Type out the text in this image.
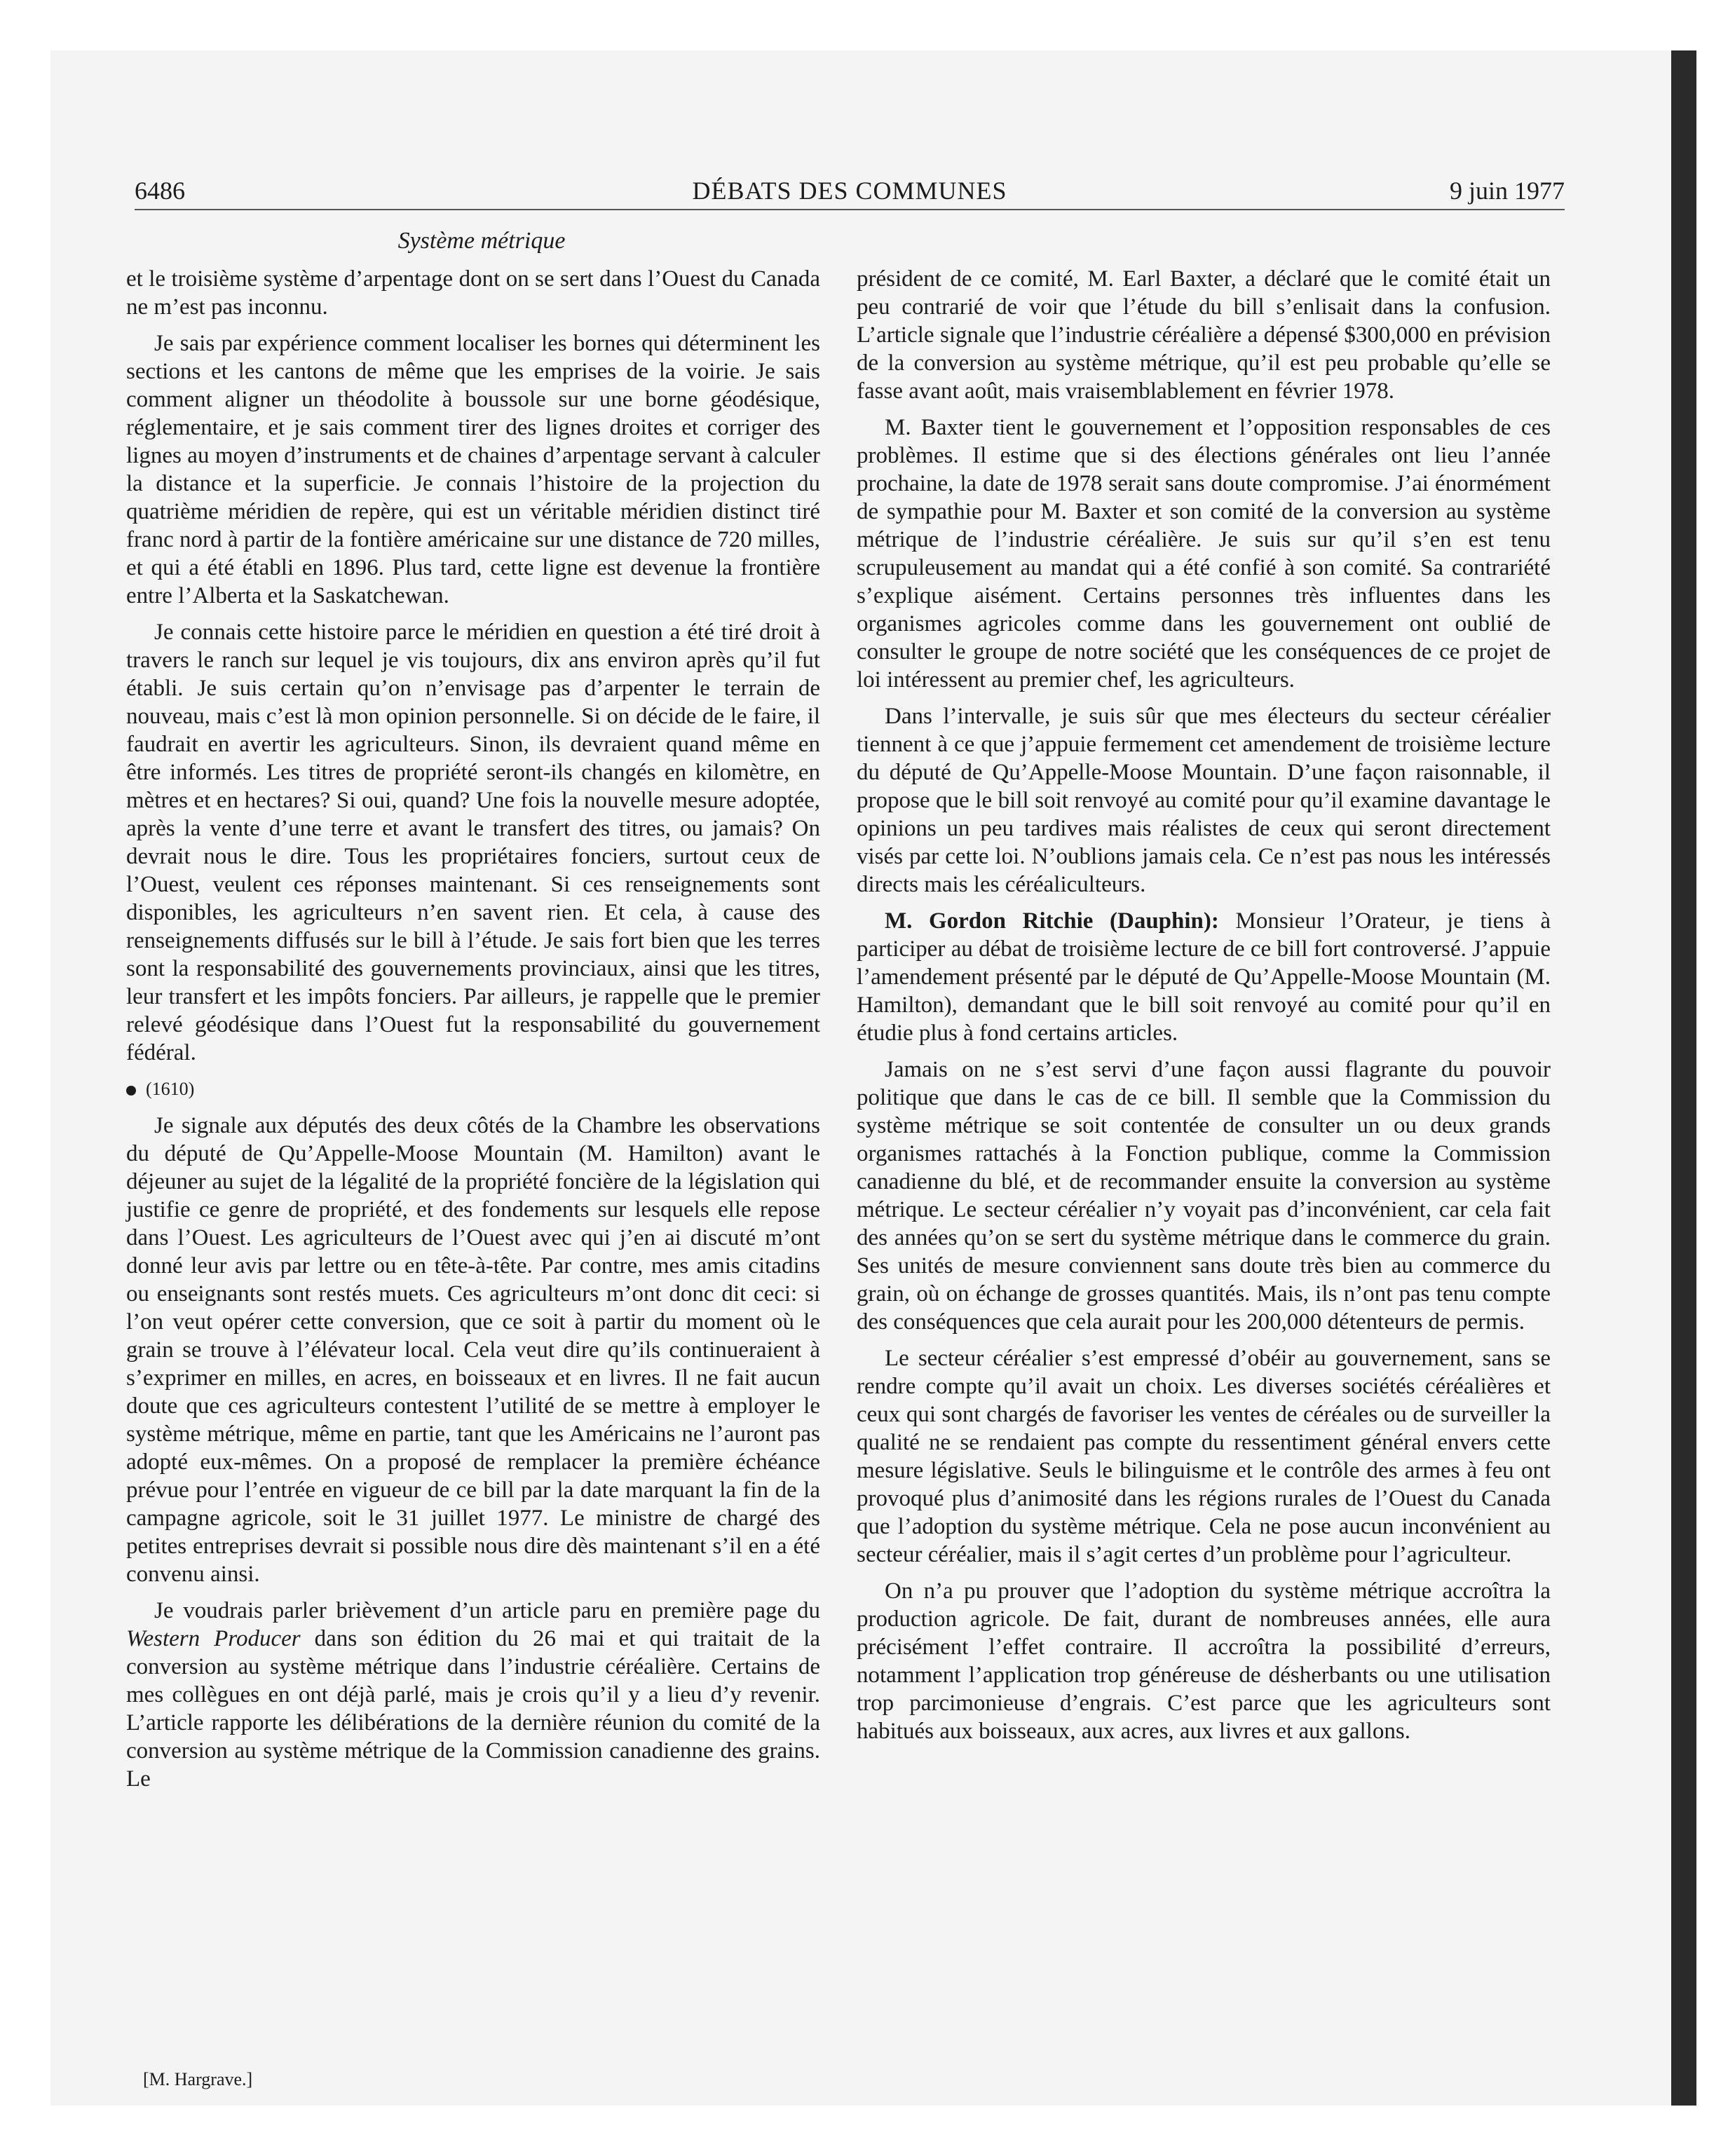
6486	DÉBATS DES COMMUNES	9 juin 1977
Système métrique

et le troisième système d’arpentage dont on se sert dans l’Ouest du Canada ne m’est pas inconnu.

Je sais par expérience comment localiser les bornes qui déterminent les sections et les cantons de même que les emprises de la voirie. Je sais comment aligner un théodolite à boussole sur une borne géodésique, réglementaire, et je sais comment tirer des lignes droites et corriger des lignes au moyen d’instruments et de chaines d’arpentage servant à calculer la distance et la superficie. Je connais l’histoire de la projection du quatrième méridien de repère, qui est un véritable méridien distinct tiré franc nord à partir de la fontière américaine sur une distance de 720 milles, et qui a été établi en 1896. Plus tard, cette ligne est devenue la frontière entre l’Alberta et la Saskatchewan.

Je connais cette histoire parce le méridien en question a été tiré droit à travers le ranch sur lequel je vis toujours, dix ans environ après qu’il fut établi. Je suis certain qu’on n’envisage pas d’arpenter le terrain de nouveau, mais c’est là mon opinion personnelle. Si on décide de le faire, il faudrait en avertir les agriculteurs. Sinon, ils devraient quand même en être informés. Les titres de propriété seront-ils changés en kilomètre, en mètres et en hectares? Si oui, quand? Une fois la nouvelle mesure adoptée, après la vente d’une terre et avant le transfert des titres, ou jamais? On devrait nous le dire. Tous les propriétaires fonciers, surtout ceux de l’Ouest, veulent ces réponses maintenant. Si ces renseignements sont disponibles, les agriculteurs n’en savent rien. Et cela, à cause des renseignements diffusés sur le bill à l’étude. Je sais fort bien que les terres sont la responsabilité des gouvernements provinciaux, ainsi que les titres, leur transfert et les impôts fonciers. Par ailleurs, je rappelle que le premier relevé géodésique dans l’Ouest fut la responsabilité du gouvernement fédéral.

(1610)

Je signale aux députés des deux côtés de la Chambre les observations du député de Qu’Appelle-Moose Mountain (M. Hamilton) avant le déjeuner au sujet de la légalité de la propriété foncière de la législation qui justifie ce genre de propriété, et des fondements sur lesquels elle repose dans l’Ouest. Les agriculteurs de l’Ouest avec qui j’en ai discuté m’ont donné leur avis par lettre ou en tête-à-tête. Par contre, mes amis citadins ou enseignants sont restés muets. Ces agriculteurs m’ont donc dit ceci: si l’on veut opérer cette conversion, que ce soit à partir du moment où le grain se trouve à l’élévateur local. Cela veut dire qu’ils continueraient à s’exprimer en milles, en acres, en boisseaux et en livres. Il ne fait aucun doute que ces agriculteurs contestent l’utilité de se mettre à employer le système métrique, même en partie, tant que les Américains ne l’auront pas adopté eux-mêmes. On a proposé de remplacer la première échéance prévue pour l’entrée en vigueur de ce bill par la date marquant la fin de la campagne agricole, soit le 31 juillet 1977. Le ministre de chargé des petites entreprises devrait si possible nous dire dès maintenant s’il en a été convenu ainsi.

Je voudrais parler brièvement d’un article paru en première page du Western Producer dans son édition du 26 mai et qui traitait de la conversion au système métrique dans l’industrie céréalière. Certains de mes collègues en ont déjà parlé, mais je crois qu’il y a lieu d’y revenir. L’article rapporte les délibérations de la dernière réunion du comité de la conversion au système métrique de la Commission canadienne des grains. Le

président de ce comité, M. Earl Baxter, a déclaré que le comité était un peu contrarié de voir que l’étude du bill s’enlisait dans la confusion. L’article signale que l’industrie céréalière a dépensé $300,000 en prévision de la conversion au système métrique, qu’il est peu probable qu’elle se fasse avant août, mais vraisemblablement en février 1978.

M. Baxter tient le gouvernement et l’opposition responsables de ces problèmes. Il estime que si des élections générales ont lieu l’année prochaine, la date de 1978 serait sans doute compromise. J’ai énormément de sympathie pour M. Baxter et son comité de la conversion au système métrique de l’industrie céréalière. Je suis sur qu’il s’en est tenu scrupuleusement au mandat qui a été confié à son comité. Sa contrariété s’explique aisément. Certains personnes très influentes dans les organismes agricoles comme dans les gouvernement ont oublié de consulter le groupe de notre société que les conséquences de ce projet de loi intéressent au premier chef, les agriculteurs.

Dans l’intervalle, je suis sûr que mes électeurs du secteur céréalier tiennent à ce que j’appuie fermement cet amendement de troisième lecture du député de Qu’Appelle-Moose Mountain. D’une façon raisonnable, il propose que le bill soit renvoyé au comité pour qu’il examine davantage le opinions un peu tardives mais réalistes de ceux qui seront directement visés par cette loi. N’oublions jamais cela. Ce n’est pas nous les intéressés directs mais les céréaliculteurs.

M. Gordon Ritchie (Dauphin): Monsieur l’Orateur, je tiens à participer au débat de troisième lecture de ce bill fort controversé. J’appuie l’amendement présenté par le député de Qu’Appelle-Moose Mountain (M. Hamilton), demandant que le bill soit renvoyé au comité pour qu’il en étudie plus à fond certains articles.

Jamais on ne s’est servi d’une façon aussi flagrante du pouvoir politique que dans le cas de ce bill. Il semble que la Commission du système métrique se soit contentée de consulter un ou deux grands organismes rattachés à la Fonction publique, comme la Commission canadienne du blé, et de recommander ensuite la conversion au système métrique. Le secteur céréalier n’y voyait pas d’inconvénient, car cela fait des années qu’on se sert du système métrique dans le commerce du grain. Ses unités de mesure conviennent sans doute très bien au commerce du grain, où on échange de grosses quantités. Mais, ils n’ont pas tenu compte des conséquences que cela aurait pour les 200,000 détenteurs de permis.

Le secteur céréalier s’est empressé d’obéir au gouvernement, sans se rendre compte qu’il avait un choix. Les diverses sociétés céréalières et ceux qui sont chargés de favoriser les ventes de céréales ou de surveiller la qualité ne se rendaient pas compte du ressentiment général envers cette mesure législative. Seuls le bilinguisme et le contrôle des armes à feu ont provoqué plus d’animosité dans les régions rurales de l’Ouest du Canada que l’adoption du système métrique. Cela ne pose aucun inconvénient au secteur céréalier, mais il s’agit certes d’un problème pour l’agriculteur.

On n’a pu prouver que l’adoption du système métrique accroîtra la production agricole. De fait, durant de nombreuses années, elle aura précisément l’effet contraire. Il accroîtra la possibilité d’erreurs, notamment l’application trop généreuse de désherbants ou une utilisation trop parcimonieuse d’engrais. C’est parce que les agriculteurs sont habitués aux boisseaux, aux acres, aux livres et aux gallons.

[M. Hargrave.]
